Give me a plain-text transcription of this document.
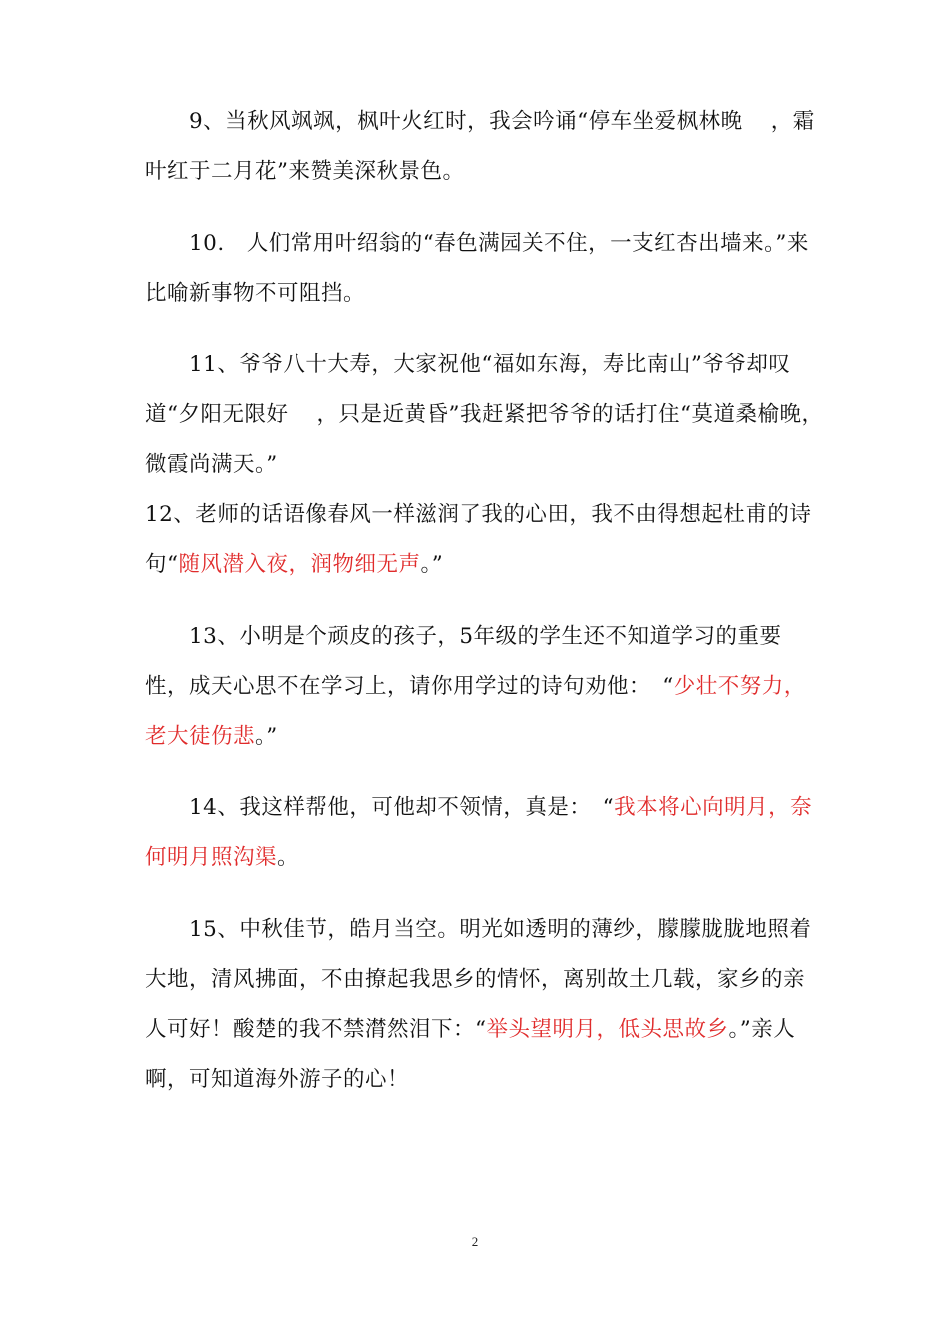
9、当秋风飒飒，枫叶火红时，我会吟诵“停车坐爱枫林晚 ，霜叶红于二月花”来赞美深秋景色。

10.　人们常用叶绍翁的“春色满园关不住，一支红杏出墙来。”来比喻新事物不可阻挡。

11、爷爷八十大寿，大家祝他“福如东海，寿比南山”爷爷却叹道“夕阳无限好 ，只是近黄昏”我赶紧把爷爷的话打住“莫道桑榆晚，微霞尚满天。”

12、老师的话语像春风一样滋润了我的心田，我不由得想起杜甫的诗句“随风潜入夜，润物细无声。”

13、小明是个顽皮的孩子，5年级的学生还不知道学习的重要性，成天心思不在学习上，请你用学过的诗句劝他：　“少壮不努力，老大徒伤悲。”

14、我这样帮他，可他却不领情，真是：　“我本将心向明月，奈何明月照沟渠。

15、中秋佳节，皓月当空。明光如透明的薄纱，朦朦胧胧地照着大地，清风拂面，不由撩起我思乡的情怀，离别故土几载，家乡的亲人可好！酸楚的我不禁潸然泪下：“举头望明月，低头思故乡。”亲人啊，可知道海外游子的心！

2
